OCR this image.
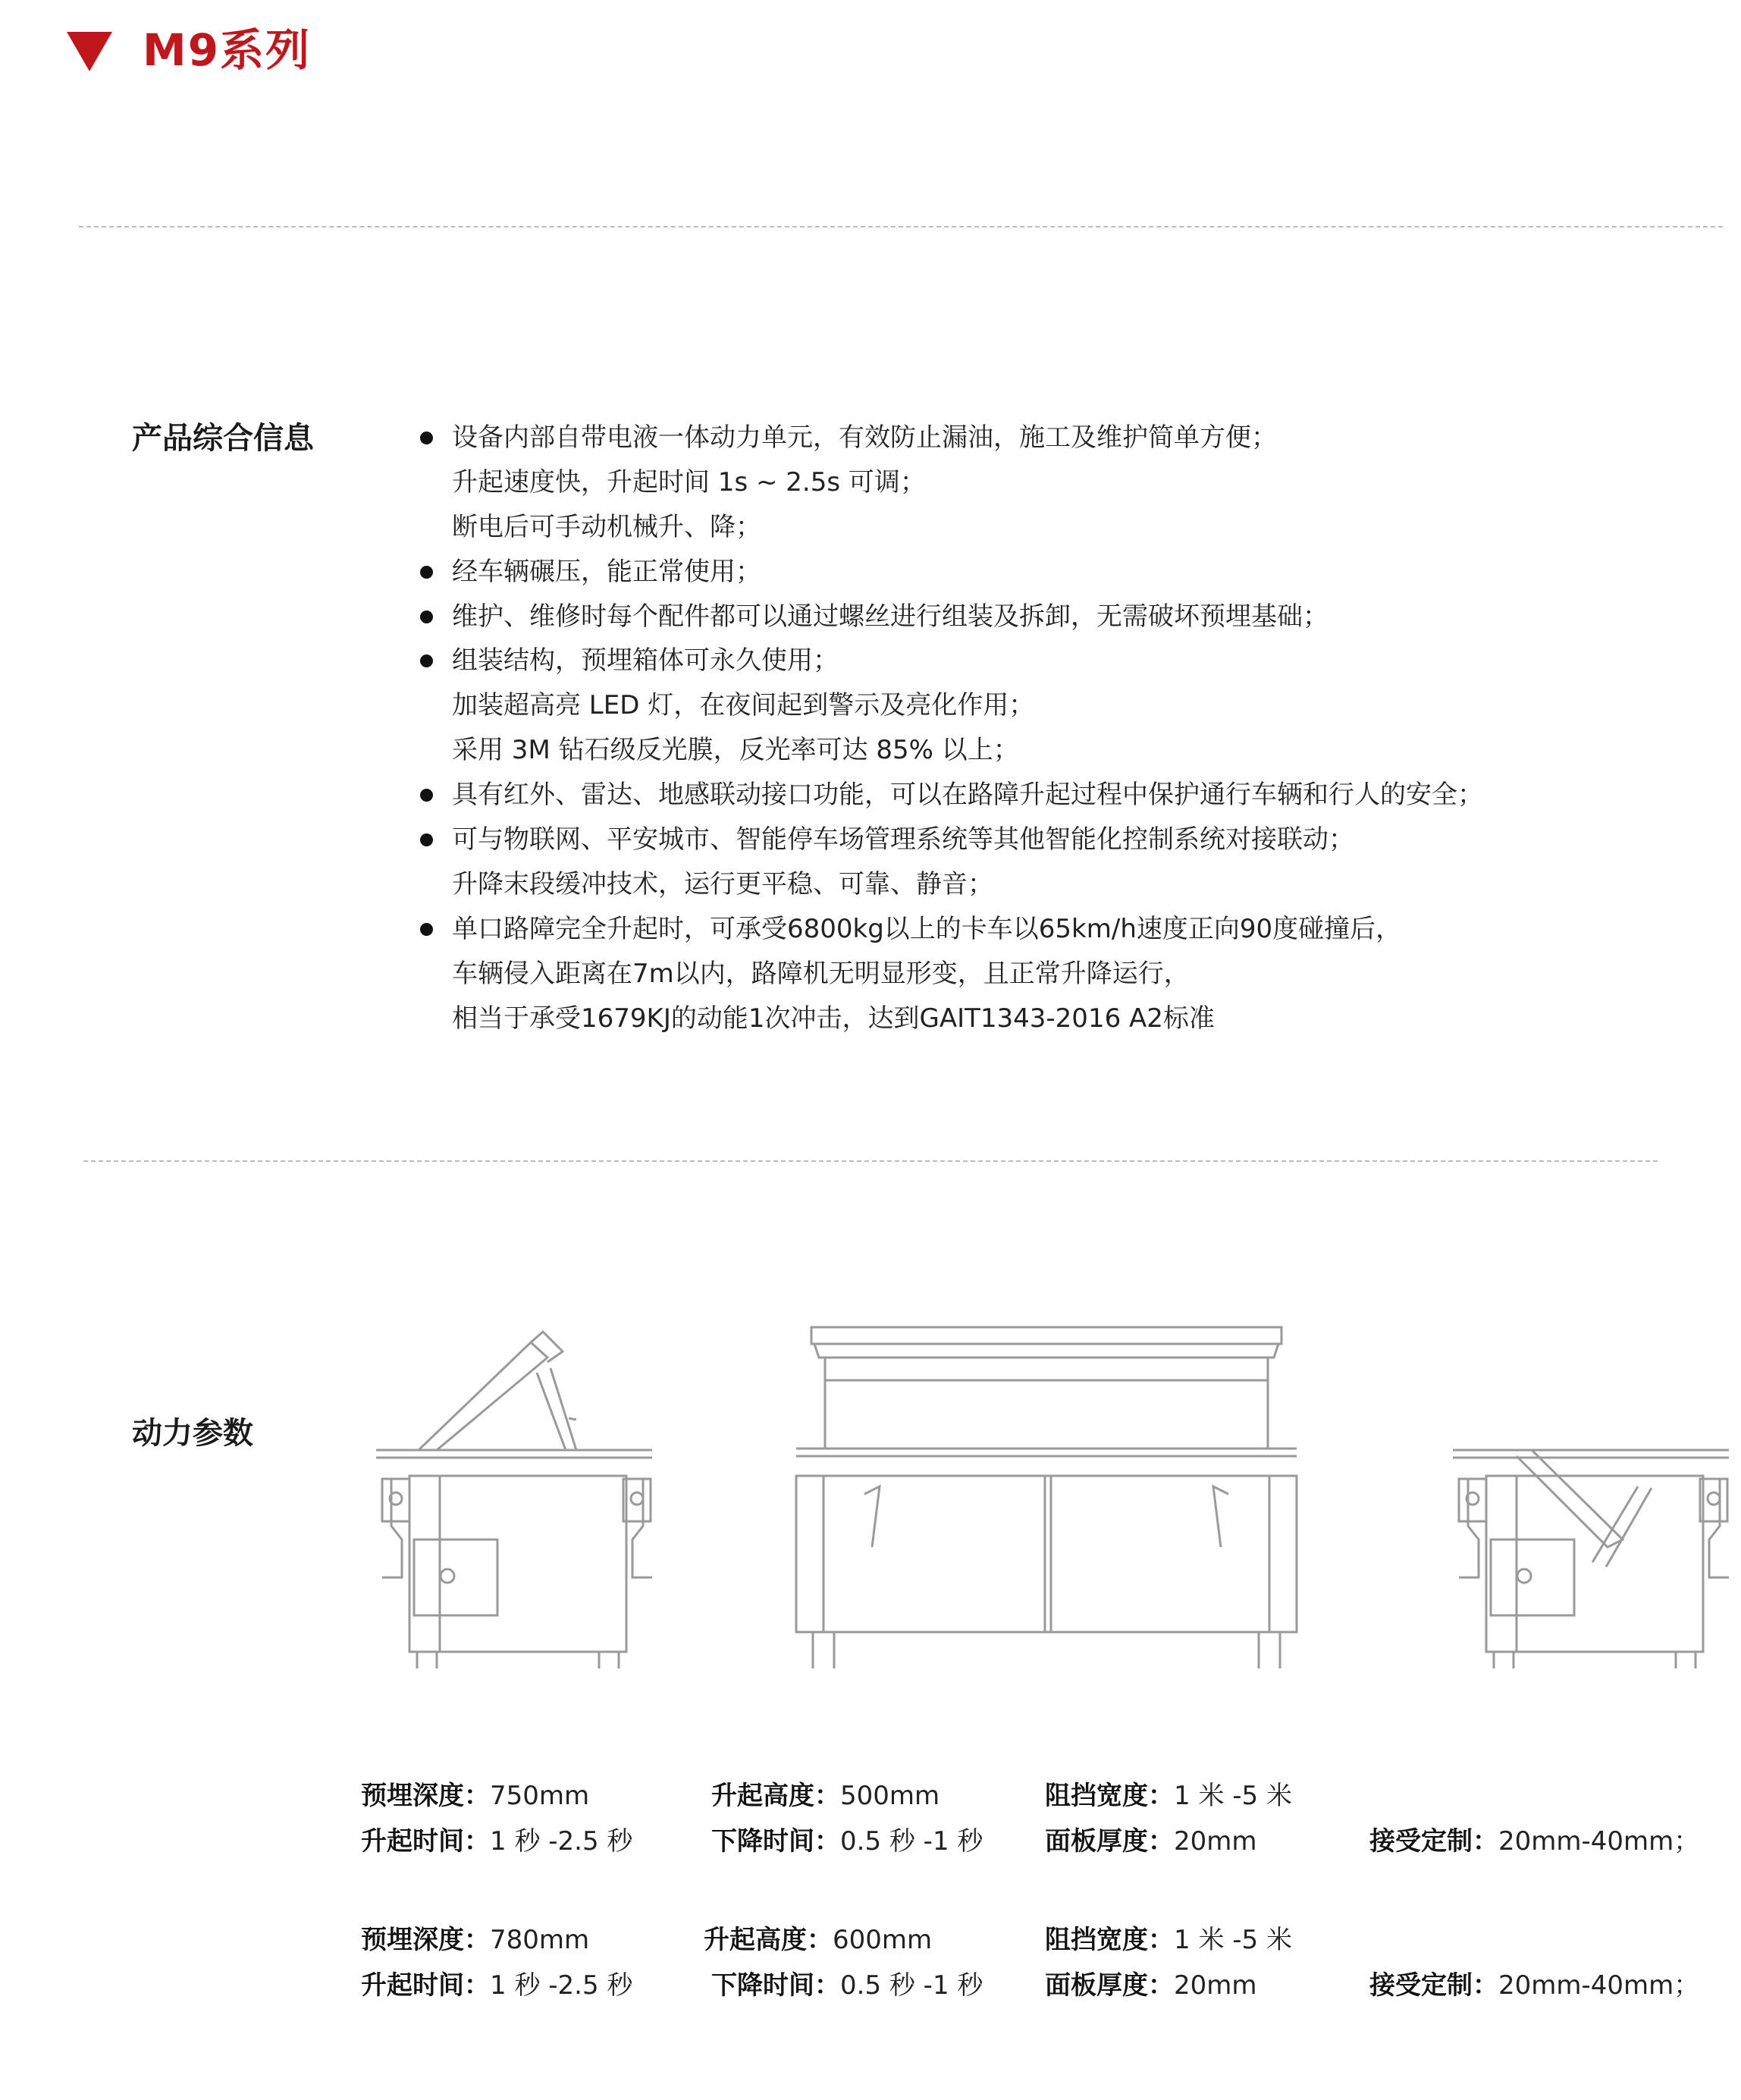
M9系列
产品综合信息	设备内部自带电液一体动力单元，有效防止漏油，施工及维护简单方便；
升起速度快，升起时间 1s ~ 2.5s 可调；
断电后可手动机械升、降；
经车辆碾压，能正常使用；
维护、维修时每个配件都可以通过螺丝进行组装及拆卸，无需破坏预埋基础；
组装结构，预埋箱体可永久使用；
加装超高亮 LED 灯，在夜间起到警示及亮化作用；
采用 3M 钻石级反光膜，反光率可达 85% 以上；
具有红外、雷达、地感联动接口功能，可以在路障升起过程中保护通行车辆和行人的安全；
可与物联网、平安城市、智能停车场管理系统等其他智能化控制系统对接联动；
升降末段缓冲技术，运行更平稳、可靠、静音；
单口路障完全升起时，可承受6800kg以上的卡车以65km/h速度正向90度碰撞后，
车辆侵入距离在7m以内，路障机无明显形变，且正常升降运行，
相当于承受1679KJ的动能1次冲击，达到GAIT1343-2016 A2标准
动力参数
预埋深度：750mm	升起高度：500mm	阻挡宽度：1 米 -5 米
升起时间：1 秒 -2.5 秒	下降时间：0.5 秒 -1 秒 面板厚度：20mm	接受定制：20mm-40mm；
预埋深度：780mm	升起高度：600mm	阻挡宽度：1 米 -5 米
升起时间：1 秒 -2.5 秒	下降时间：0.5 秒 -1 秒 面板厚度：20mm	接受定制：20mm-40mm；
